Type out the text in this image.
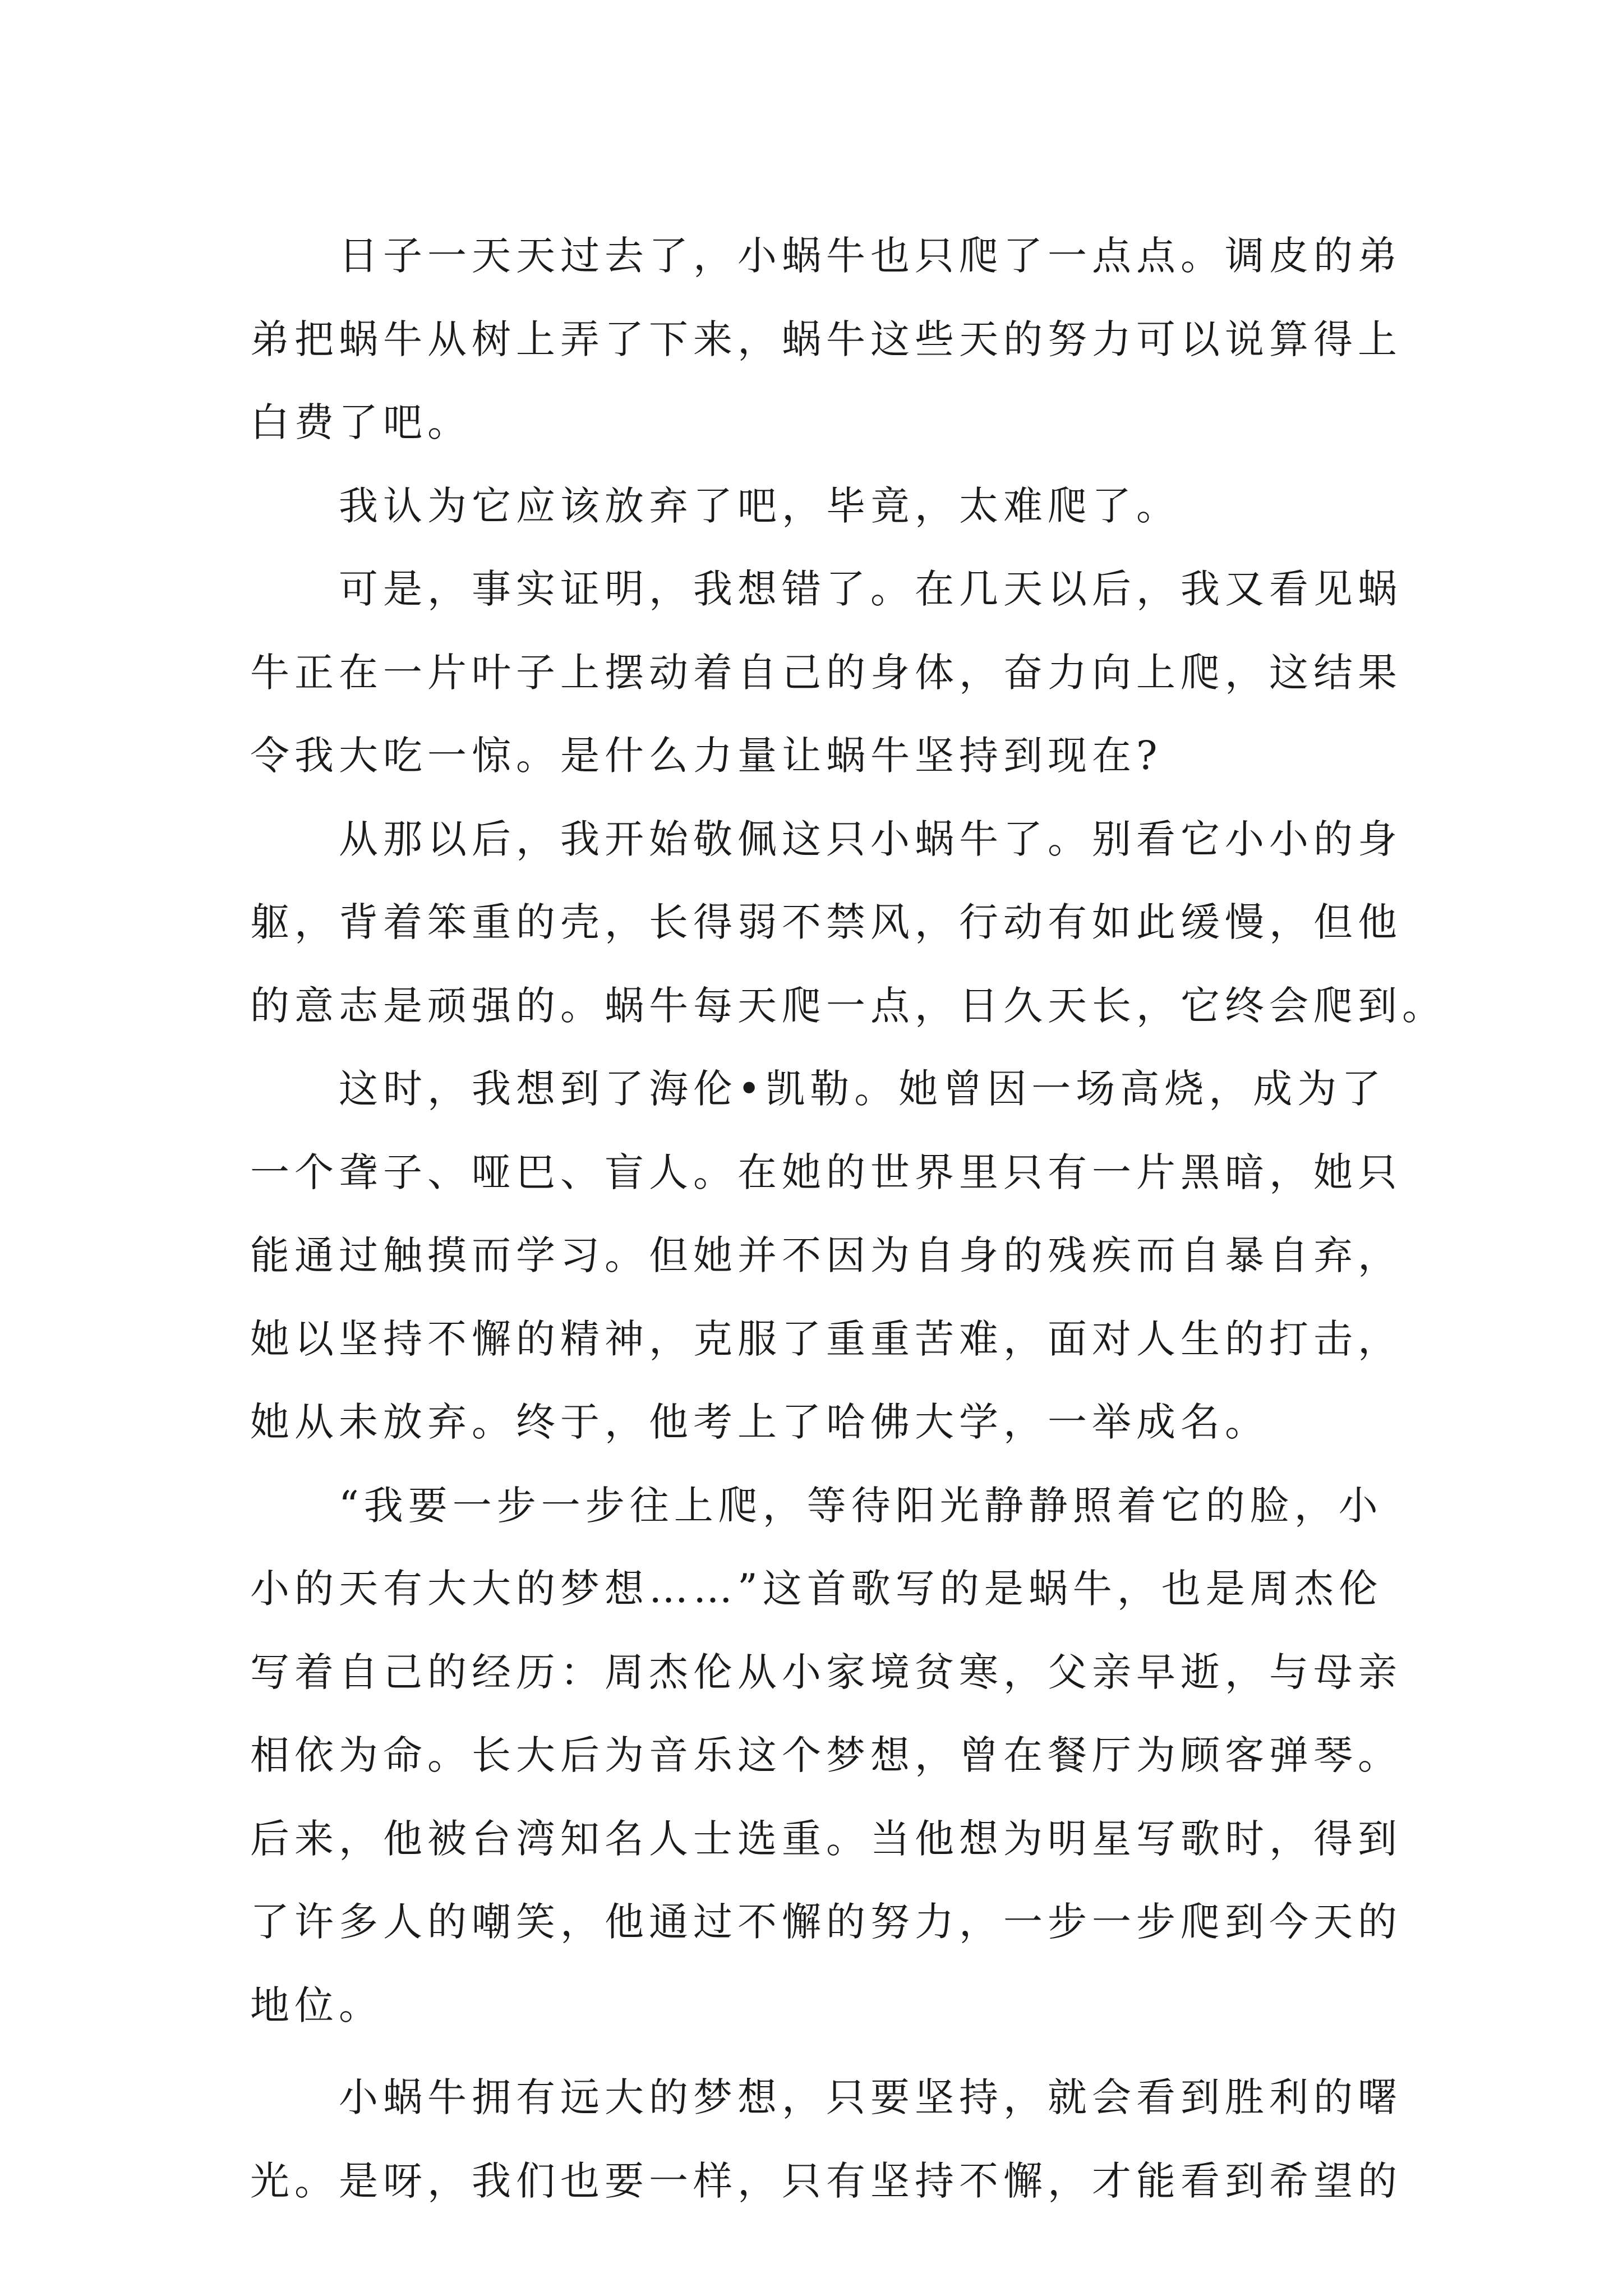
日子一天天过去了，小蜗牛也只爬了一点点。调皮的弟
弟把蜗牛从树上弄了下来，蜗牛这些天的努力可以说算得上
白费了吧。
我认为它应该放弃了吧，毕竟，太难爬了。
可是，事实证明，我想错了。在几天以后，我又看见蜗
牛正在一片叶子上摆动着自己的身体，奋力向上爬，这结果
令我大吃一惊。是什么力量让蜗牛坚持到现在?
从那以后，我开始敬佩这只小蜗牛了。别看它小小的身
躯，背着笨重的壳，长得弱不禁风，行动有如此缓慢，但他
的意志是顽强的。蜗牛每天爬一点，日久天长，它终会爬到。
这时，我想到了海伦•凯勒。她曾因一场高烧，成为了
一个聋子、哑巴、盲人。在她的世界里只有一片黑暗，她只
能通过触摸而学习。但她并不因为自身的残疾而自暴自弃，
她以坚持不懈的精神，克服了重重苦难，面对人生的打击，
她从未放弃。终于，他考上了哈佛大学，一举成名。
“我要一步一步往上爬，等待阳光静静照着它的脸，小
小的天有大大的梦想……”这首歌写的是蜗牛，也是周杰伦
写着自己的经历：周杰伦从小家境贫寒，父亲早逝，与母亲
相依为命。长大后为音乐这个梦想，曾在餐厅为顾客弹琴。
后来，他被台湾知名人士选重。当他想为明星写歌时，得到
了许多人的嘲笑，他通过不懈的努力，一步一步爬到今天的
地位。
小蜗牛拥有远大的梦想，只要坚持，就会看到胜利的曙
光。是呀，我们也要一样，只有坚持不懈，才能看到希望的
